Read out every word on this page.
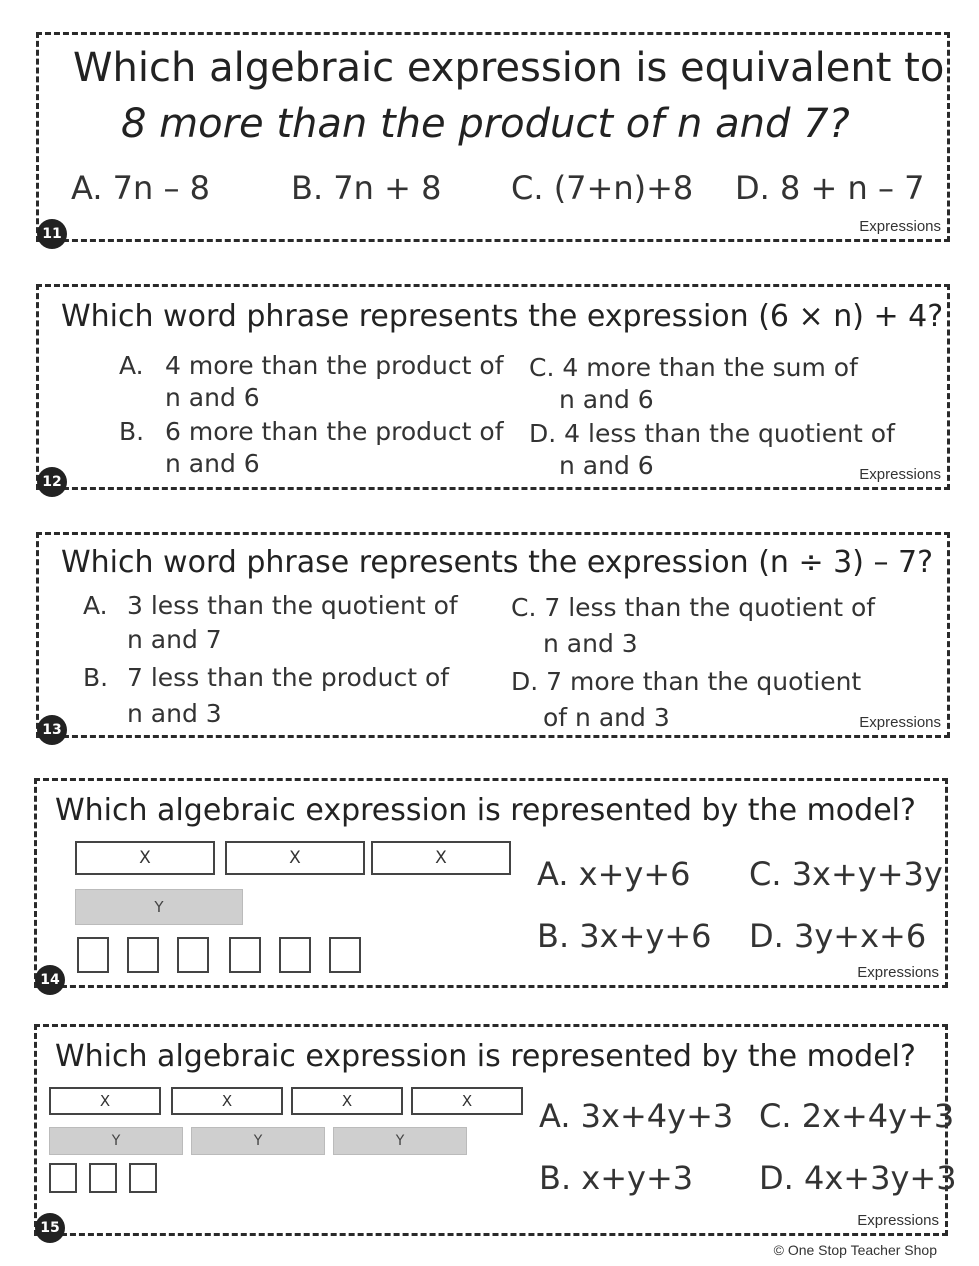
Which algebraic expression is equivalent to
8 more than the product of n and 7?
A. 7n – 8	B. 7n + 8 C. (7+n)+8 D. 8 + n – 7
11	Expressions
Which word phrase represents the expression (6 × n) + 4?
A. 4 more than the product of
n and 6
B. 6 more than the product of
n and 6
C. 4 more than the sum of
n and 6
D. 4 less than the quotient of
n and 6
12	Expressions
Which word phrase represents the expression (n ÷ 3) – 7?
A. 3 less than the quotient of
n and 7
B. 7 less than the product of
n and 3
C. 7 less than the quotient of
n and 3
D. 7 more than the quotient
of n and 3
13	Expressions
Which algebraic expression is represented by the model?
X	X	X
Y
A. x+y+6 C. 3x+y+3y
B. 3x+y+6 D. 3y+x+6
14	Expressions
Which algebraic expression is represented by the model?
X	X	X	X
Y	Y	Y
A. 3x+4y+3 C. 2x+4y+3
B. x+y+3 D. 4x+3y+3
15	Expressions
© One Stop Teacher Shop
